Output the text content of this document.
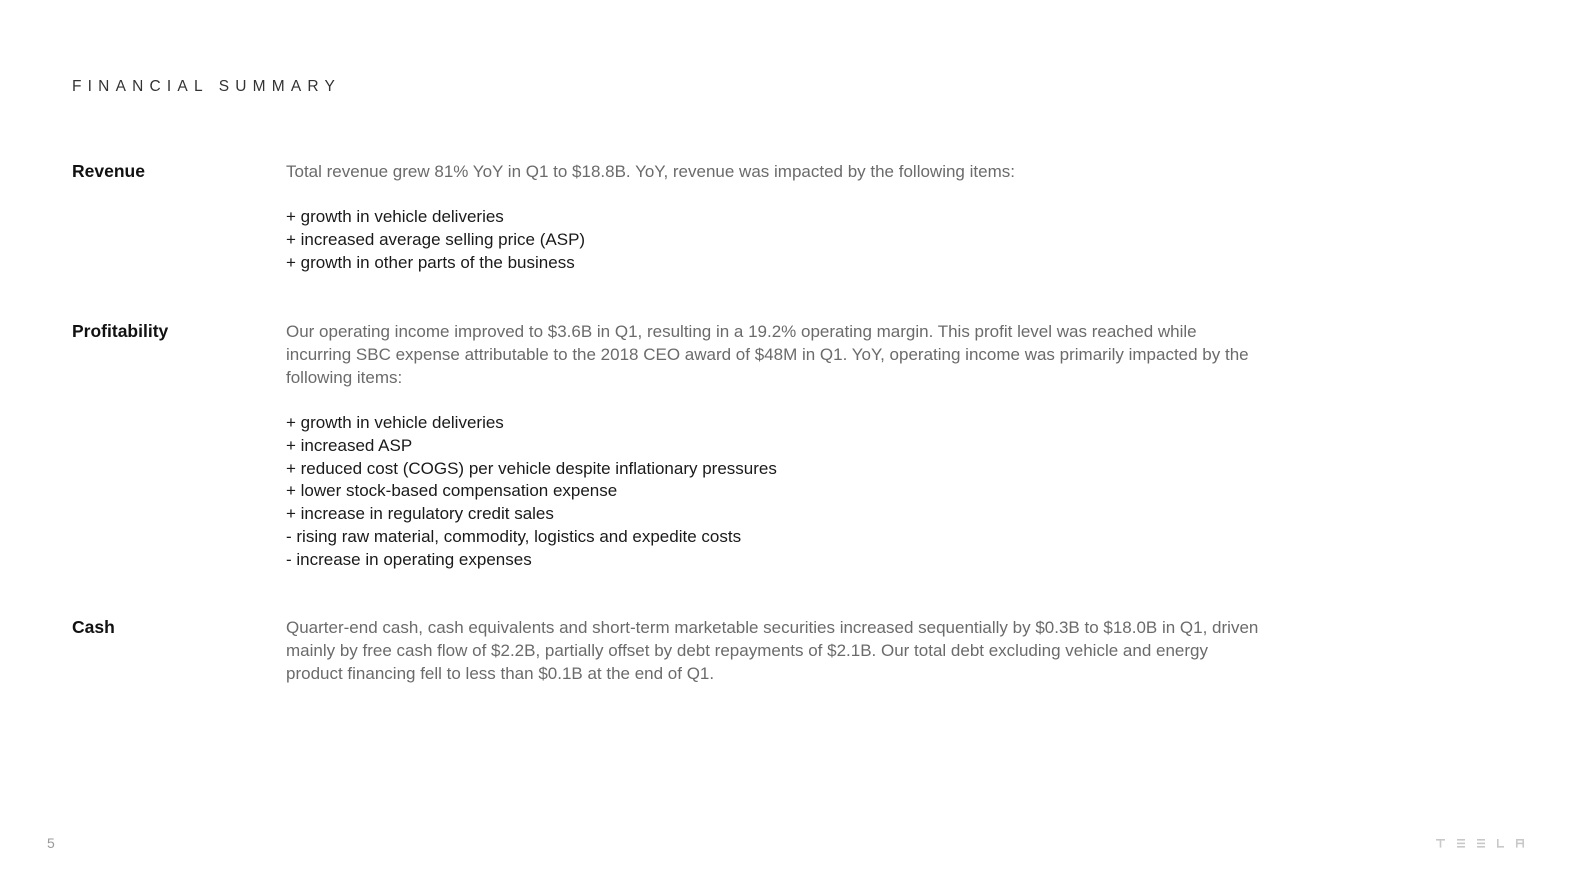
FINANCIAL SUMMARY
Revenue	Total revenue grew 81% YoY in Q1 to $18.8B. YoY, revenue was impacted by the following items:

+ growth in vehicle deliveries
+ increased average selling price (ASP)
+ growth in other parts of the business
Profitability	Our operating income improved to $3.6B in Q1, resulting in a 19.2% operating margin. This profit level was reached while incurring SBC expense attributable to the 2018 CEO award of $48M in Q1. YoY, operating income was primarily impacted by the following items:

+ growth in vehicle deliveries
+ increased ASP
+ reduced cost (COGS) per vehicle despite inflationary pressures
+ lower stock-based compensation expense
+ increase in regulatory credit sales
- rising raw material, commodity, logistics and expedite costs
- increase in operating expenses
Cash	Quarter-end cash, cash equivalents and short-term marketable securities increased sequentially by $0.3B to $18.0B in Q1, driven mainly by free cash flow of $2.2B, partially offset by debt repayments of $2.1B. Our total debt excluding vehicle and energy product financing fell to less than $0.1B at the end of Q1.

5
